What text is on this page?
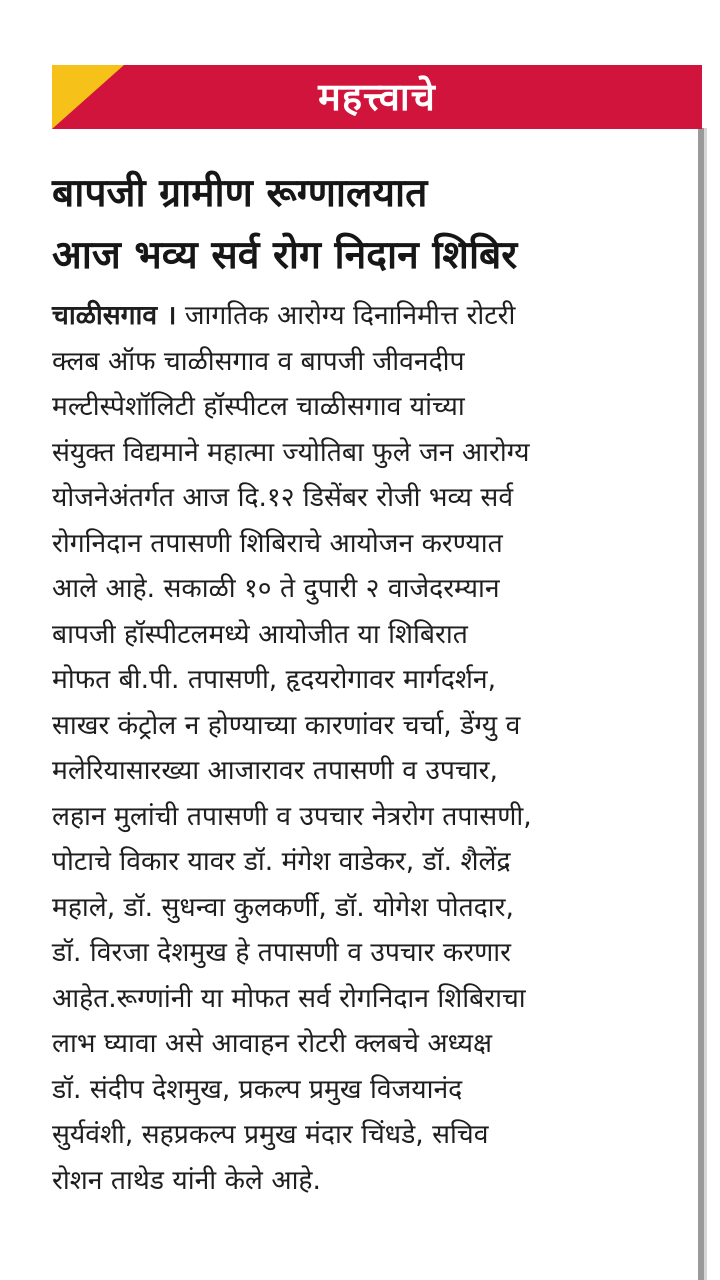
महत्त्वाचे
बापजी ग्रामीण रूग्णालयात
आज भव्य सर्व रोग निदान शिबिर
चाळीसगाव । जागतिक आरोग्य दिनानिमीत्त रोटरी
क्लब ऑफ चाळीसगाव व बापजी जीवनदीप
मल्टीस्पेशॉलिटी हॉस्पीटल चाळीसगाव यांच्या
संयुक्त विद्यमाने महात्मा ज्योतिबा फुले जन आरोग्य
योजनेअंतर्गत आज दि.१२ डिसेंबर रोजी भव्य सर्व
रोगनिदान तपासणी शिबिराचे आयोजन करण्यात
आले आहे. सकाळी १० ते दुपारी २ वाजेदरम्यान
बापजी हॉस्पीटलमध्ये आयोजीत या शिबिरात
मोफत बी.पी. तपासणी, हृदयरोगावर मार्गदर्शन,
साखर कंट्रोल न होण्याच्या कारणांवर चर्चा, डेंग्यु व
मलेरियासारख्या आजारावर तपासणी व उपचार,
लहान मुलांची तपासणी व उपचार नेत्ररोग तपासणी,
पोटाचे विकार यावर डॉ. मंगेश वाडेकर, डॉ. शैलेंद्र
महाले, डॉ. सुधन्वा कुलकर्णी, डॉ. योगेश पोतदार,
डॉ. विरजा देशमुख हे तपासणी व उपचार करणार
आहेत.रूग्णांनी या मोफत सर्व रोगनिदान शिबिराचा
लाभ घ्यावा असे आवाहन रोटरी क्लबचे अध्यक्ष
डॉ. संदीप देशमुख, प्रकल्प प्रमुख विजयानंद
सुर्यवंशी, सहप्रकल्प प्रमुख मंदार चिंधडे, सचिव
रोशन ताथेड यांनी केले आहे.
